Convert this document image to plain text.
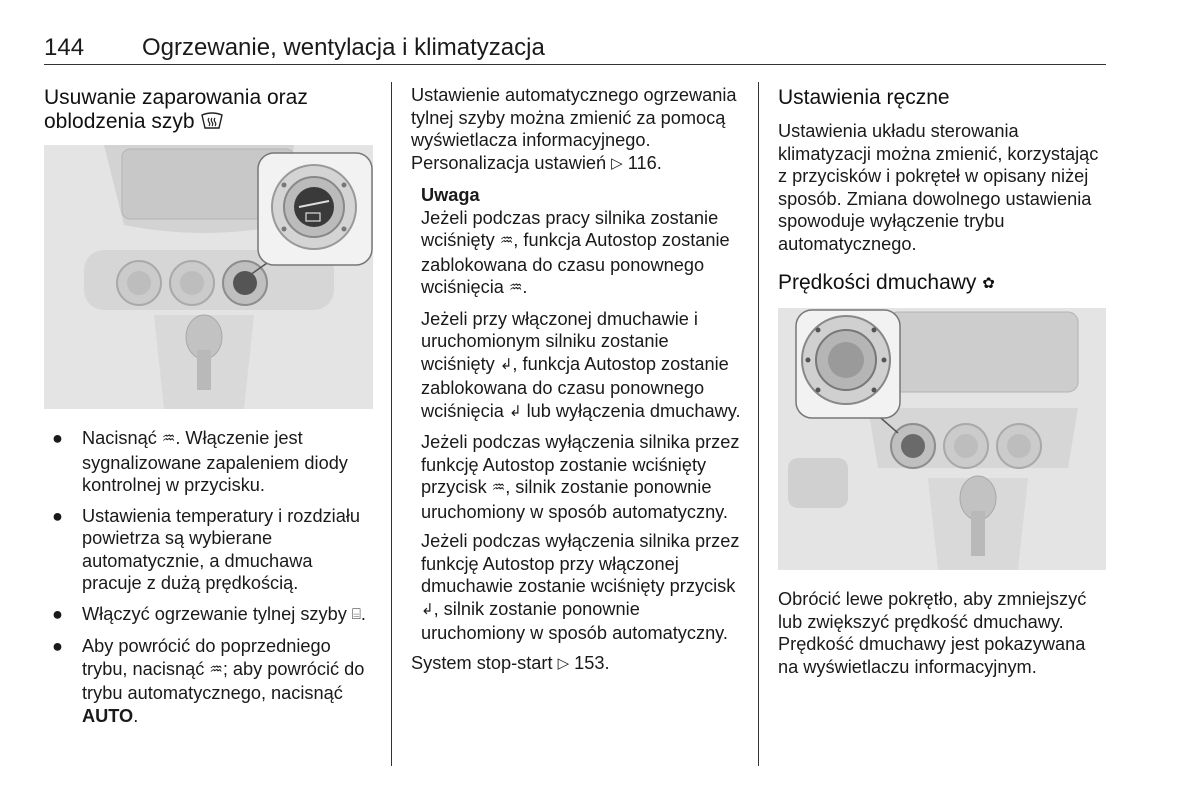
144 Ogrzewanie, wentylacja i klimatyzacja
Usuwanie zaparowania oraz
oblodzenia szyb
● Nacisnąć ♒. Włączenie jest sygnalizowane zapaleniem diody kontrolnej w przycisku.
● Ustawienia temperatury i rozdziału powietrza są wybierane automatycznie, a dmuchawa pracuje z dużą prędkością.
● Włączyć ogrzewanie tylnej szyby ⌸.
● Aby powrócić do poprzedniego trybu, nacisnąć ♒; aby powrócić do trybu automatycznego, nacisnąć AUTO.

Ustawienie automatycznego ogrzewania tylnej szyby można zmienić za pomocą wyświetlacza informacyjnego. Personalizacja ustawień ▷ 116.

Uwaga

Jeżeli podczas pracy silnika zostanie wciśnięty ♒, funkcja Autostop zostanie zablokowana do czasu ponownego wciśnięcia ♒.

Jeżeli przy włączonej dmuchawie i uruchomionym silniku zostanie wciśnięty ↲, funkcja Autostop zostanie zablokowana do czasu ponownego wciśnięcia ↲ lub wyłączenia dmuchawy.

Jeżeli podczas wyłączenia silnika przez funkcję Autostop zostanie wciśnięty przycisk ♒, silnik zostanie ponownie uruchomiony w sposób automatyczny.

Jeżeli podczas wyłączenia silnika przez funkcję Autostop przy włączonej dmuchawie zostanie wciśnięty przycisk ↲, silnik zostanie ponownie uruchomiony w sposób automatyczny.

System stop-start ▷ 153.

Ustawienia ręczne

Ustawienia układu sterowania klimatyzacji można zmienić, korzystając z przycisków i pokręteł w opisany niżej sposób. Zmiana dowolnego ustawienia spowoduje wyłączenie trybu automatycznego.

Prędkości dmuchawy ✿

Obrócić lewe pokrętło, aby zmniejszyć lub zwiększyć prędkość dmuchawy. Prędkość dmuchawy jest pokazywana na wyświetlaczu informacyjnym.
